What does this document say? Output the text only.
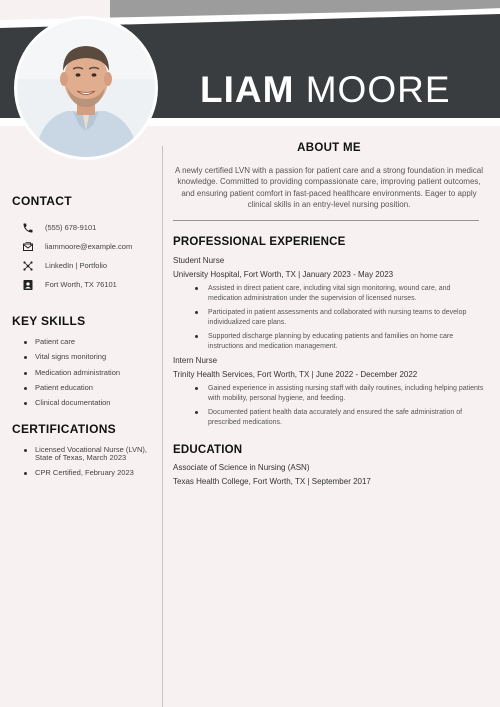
LIAM MOORE
CONTACT
(555) 678-9101
liammoore@example.com
LinkedIn | Portfolio
Fort Worth, TX 76101
KEY SKILLS
Patient care
Vital signs monitoring
Medication administration
Patient education
Clinical documentation
CERTIFICATIONS
Licensed Vocational Nurse (LVN), State of Texas, March 2023
CPR Certified, February 2023
ABOUT ME
A newly certified LVN with a passion for patient care and a strong foundation in medical knowledge. Committed to providing compassionate care, improving patient outcomes, and ensuring patient comfort in fast-paced healthcare environments. Eager to apply clinical skills in an entry-level nursing position.
PROFESSIONAL EXPERIENCE
Student Nurse
University Hospital, Fort Worth, TX | January 2023 - May 2023
Assisted in direct patient care, including vital sign monitoring, wound care, and medication administration under the supervision of licensed nurses.
Participated in patient assessments and collaborated with nursing teams to develop individualized care plans.
Supported discharge planning by educating patients and families on home care instructions and medication management.
Intern Nurse
Trinity Health Services, Fort Worth, TX | June 2022 - December 2022
Gained experience in assisting nursing staff with daily routines, including helping patients with mobility, personal hygiene, and feeding.
Documented patient health data accurately and ensured the safe administration of prescribed medications.
EDUCATION
Associate of Science in Nursing (ASN)
Texas Health College, Fort Worth, TX | September 2017
